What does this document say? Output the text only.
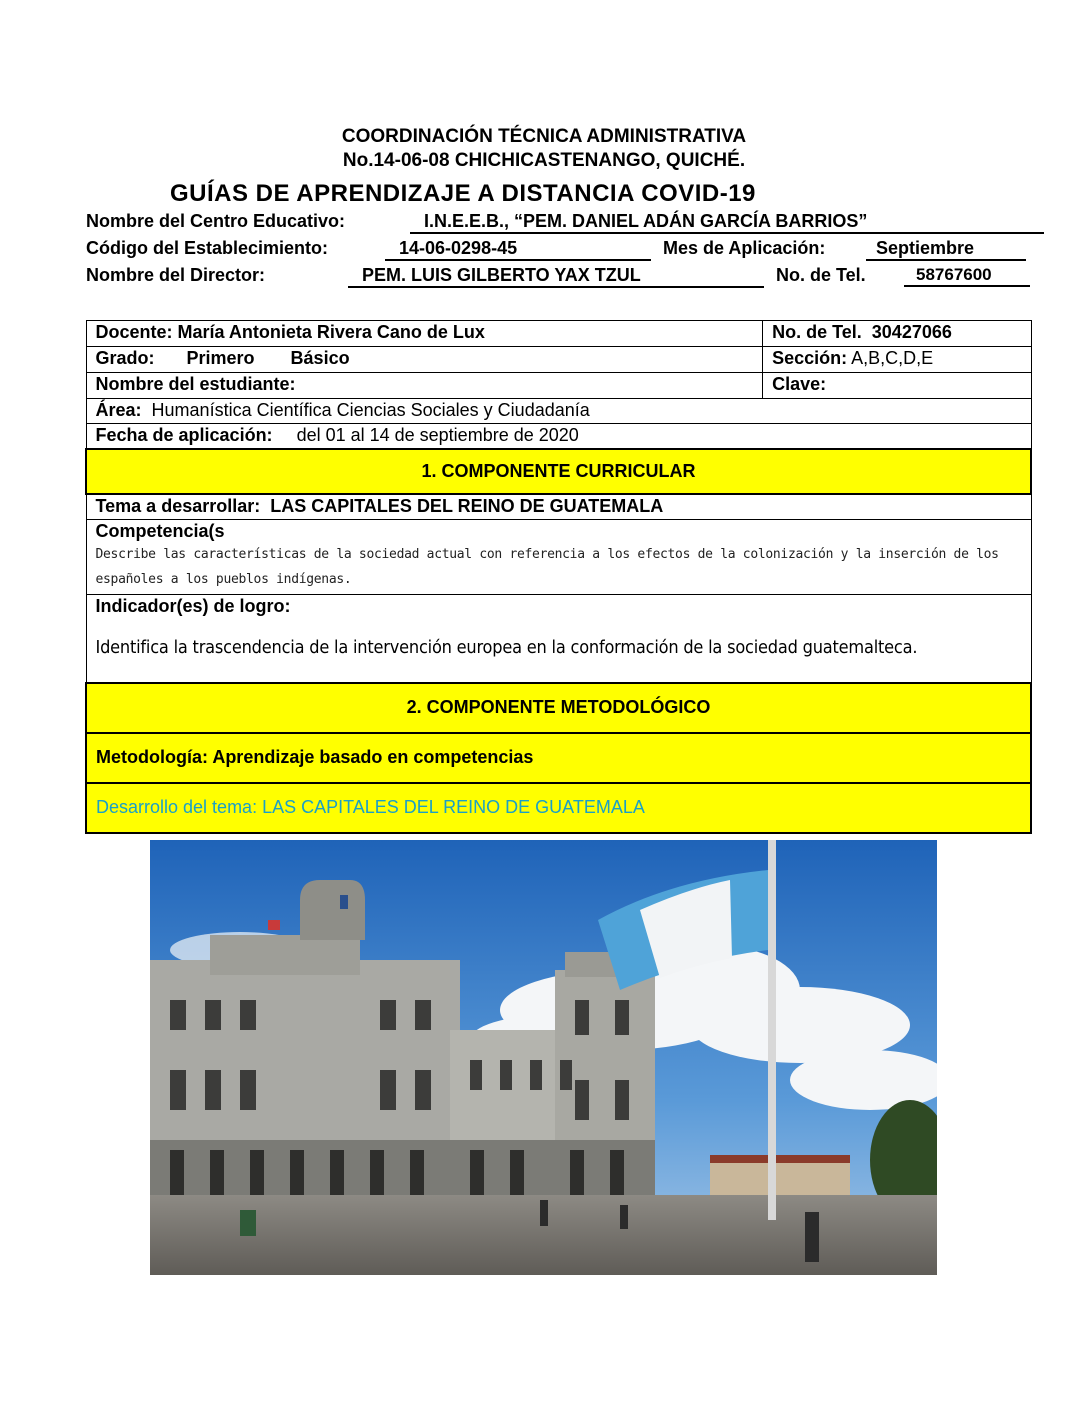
COORDINACIÓN TÉCNICA ADMINISTRATIVA
No.14-06-08 CHICHICASTENANGO, QUICHÉ.
GUÍAS DE APRENDIZAJE A DISTANCIA COVID-19
Nombre del Centro Educativo:	I.N.E.E.B., “PEM. DANIEL ADÁN GARCÍA BARRIOS”
Código del Establecimiento:	14-06-0298-45	Mes de Aplicación:	Septiembre
Nombre del Director:	PEM. LUIS GILBERTO YAX TZUL	No. de Tel.	58767600
Docente: María Antonieta Rivera Cano de Lux	No. de Tel. 30427066
Grado: Primero Básico	Sección: A,B,C,D,E
Nombre del estudiante:	Clave:
Área: Humanística Científica Ciencias Sociales y Ciudadanía	
Fecha de aplicación: del 01 al 14 de septiembre de 2020	
1. COMPONENTE CURRICULAR	
Tema a desarrollar: LAS CAPITALES DEL REINO DE GUATEMALA	

Competencia(s
Describe las características de la sociedad actual con referencia a los efectos de la colonización y la inserción de los españoles a los pueblos indígenas.	

Indicador(es) de logro:
Identifica la trascendencia de la intervención europea en la conformación de la sociedad guatemalteca.	

2. COMPONENTE METODOLÓGICO	
Metodología: Aprendizaje basado en competencias	
Desarrollo del tema: LAS CAPITALES DEL REINO DE GUATEMALA	
